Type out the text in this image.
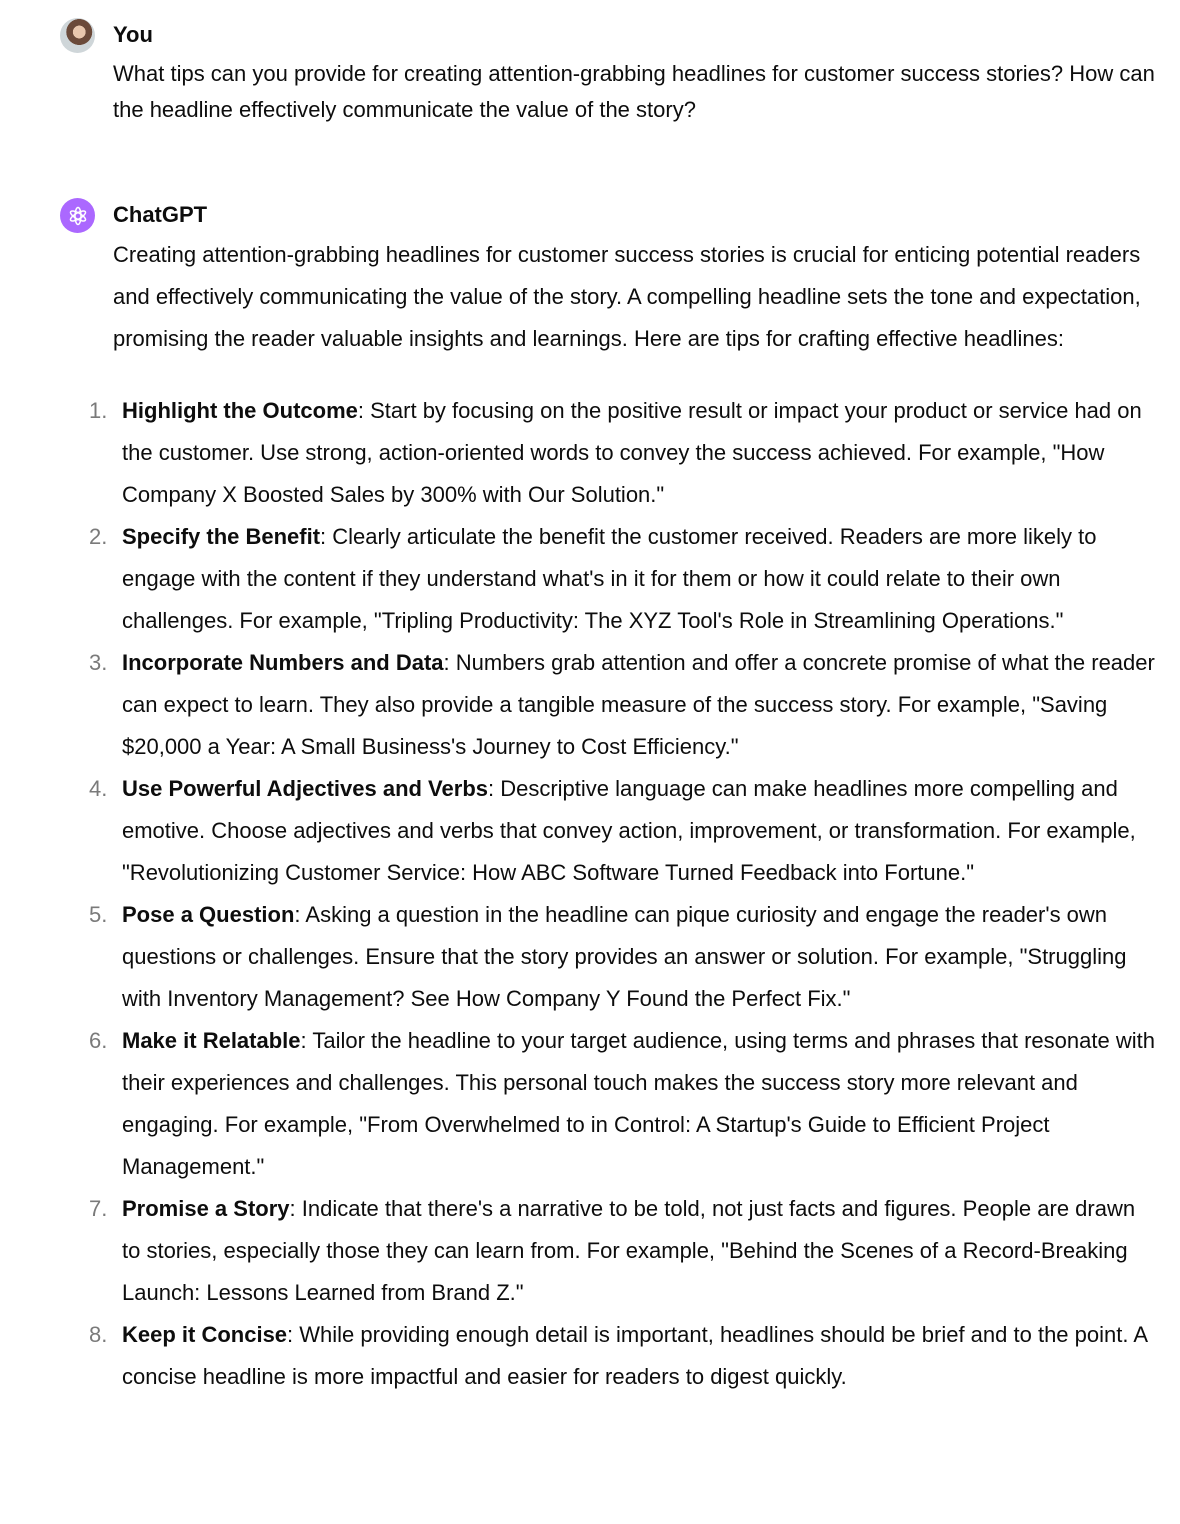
You

What tips can you provide for creating attention-grabbing headlines for customer success stories? How can the headline effectively communicate the value of the story?

ChatGPT

Creating attention-grabbing headlines for customer success stories is crucial for enticing potential readers and effectively communicating the value of the story. A compelling headline sets the tone and expectation, promising the reader valuable insights and learnings. Here are tips for crafting effective headlines:

1. Highlight the Outcome: Start by focusing on the positive result or impact your product or service had on the customer. Use strong, action-oriented words to convey the success achieved. For example, "How Company X Boosted Sales by 300% with Our Solution."
2. Specify the Benefit: Clearly articulate the benefit the customer received. Readers are more likely to engage with the content if they understand what's in it for them or how it could relate to their own challenges. For example, "Tripling Productivity: The XYZ Tool's Role in Streamlining Operations."
3. Incorporate Numbers and Data: Numbers grab attention and offer a concrete promise of what the reader can expect to learn. They also provide a tangible measure of the success story. For example, "Saving $20,000 a Year: A Small Business's Journey to Cost Efficiency."
4. Use Powerful Adjectives and Verbs: Descriptive language can make headlines more compelling and emotive. Choose adjectives and verbs that convey action, improvement, or transformation. For example, "Revolutionizing Customer Service: How ABC Software Turned Feedback into Fortune."
5. Pose a Question: Asking a question in the headline can pique curiosity and engage the reader's own questions or challenges. Ensure that the story provides an answer or solution. For example, "Struggling with Inventory Management? See How Company Y Found the Perfect Fix."
6. Make it Relatable: Tailor the headline to your target audience, using terms and phrases that resonate with their experiences and challenges. This personal touch makes the success story more relevant and engaging. For example, "From Overwhelmed to in Control: A Startup's Guide to Efficient Project Management."
7. Promise a Story: Indicate that there's a narrative to be told, not just facts and figures. People are drawn to stories, especially those they can learn from. For example, "Behind the Scenes of a Record-Breaking Launch: Lessons Learned from Brand Z."
8. Keep it Concise: While providing enough detail is important, headlines should be brief and to the point. A concise headline is more impactful and easier for readers to digest quickly.
